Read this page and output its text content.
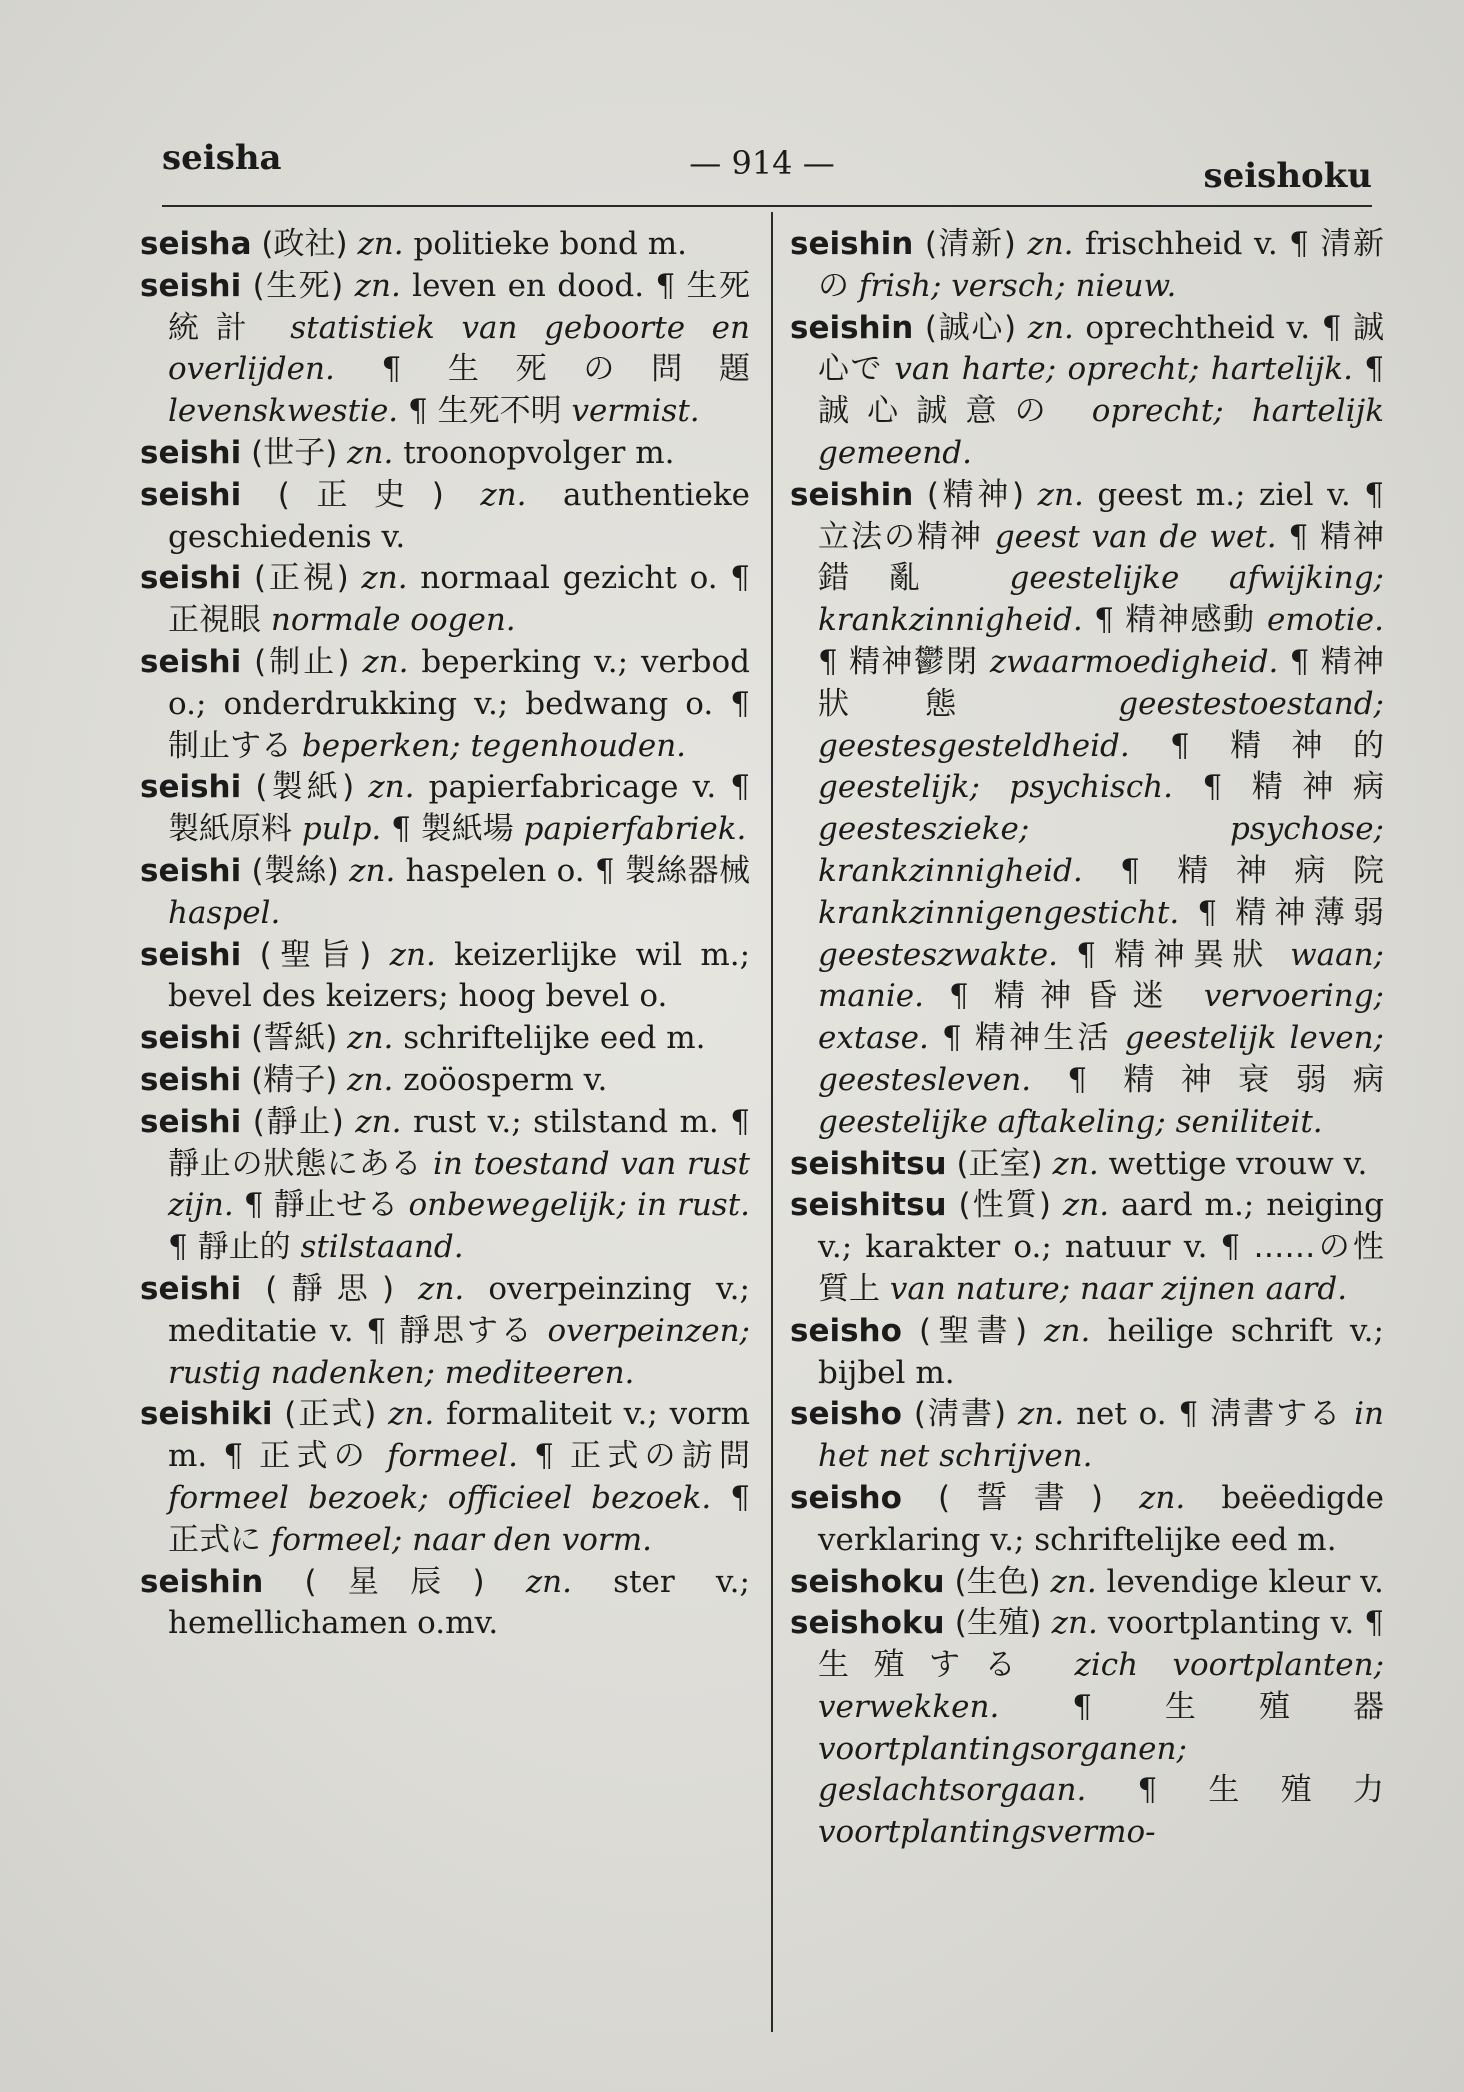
seisha	— 914 —	seishoku
seisha (政社) zn. politieke bond m.
seishi (生死) zn. leven en dood. ¶ 生死統計 statistiek van geboorte en overlijden. ¶	生死の問題 levenskwestie. ¶ 生死不明 vermist.
seishi (世子) zn. troonopvolger m.
seishi (正史) zn. authentieke geschiedenis v.
seishi (正視) zn. normaal gezicht o.¶ 正視眼 normale oogen.
seishi (制止) zn. beperking v.; verbod o.; onderdrukking v.; bedwang o.¶ 制止する beperken; tegenhouden.
seishi (製紙) zn. papierfabricage v.¶ 製紙原料 pulp. ¶ 製紙場 papierfabriek.
seishi (製絲) zn. haspelen o. ¶ 製絲器械 haspel.
seishi (聖旨) zn. keizerlijke wil m.; bevel des keizers; hoog bevel o.
seishi (誓紙) zn. schriftelijke eed m.
seishi (精子) zn. zoöosperm v.
seishi (靜止) zn. rust v.; stilstand m.¶ 靜止の狀態にある in toestand van rust zijn. ¶ 靜止せる onbewegelijk; in rust.¶ 靜止的 stilstaand.
seishi (靜思) zn. overpeinzing v.; meditatie v. ¶ 靜思する overpeinzen; rustig nadenken; mediteeren.
seishiki (正式) zn. formaliteit v.; vorm m. ¶ 正式の formeel. ¶ 正式の訪問 formeel bezoek; officieel bezoek.¶ 正式に formeel; naar den vorm.
seishin (星辰) zn. ster v.; hemellichamen o.mv.
seishin (清新) zn. frischheid v. ¶ 清新の frish; versch; nieuw.
seishin (誠心) zn. oprechtheid v.¶ 誠心で van harte; oprecht; hartelijk.¶ 誠心誠意の oprecht; hartelijk gemeend.
seishin (精神) zn. geest m.; ziel v.¶ 立法の精神 geest van de wet.¶ 精神錯亂 geestelijke afwijking; krankzinnigheid. ¶ 精神感動 emotie.¶ 精神鬱閉 zwaarmoedigheid. ¶ 精神狀態	geestestoestand; geestesgesteldheid. ¶	精神的 geestelijk; psychisch. ¶	精神病 geesteszieke; psychose; krankzinnigheid. ¶	精神病院 krankzinnigengesticht. ¶ 精神薄弱 geesteszwakte. ¶ 精神異狀 waan; manie. ¶ 精神昏迷 vervoering; extase. ¶ 精神生活 geestelijk leven; geestesleven. ¶	精神衰弱病 geestelijke aftakeling; seniliteit.
seishitsu (正室) zn. wettige vrouw v.
seishitsu (性質) zn. aard m.; neiging v.; karakter o.; natuur v.¶ ……の性質上 van nature; naar zijnen aard.
seisho (聖書) zn. heilige schrift v.; bijbel m.
seisho (淸書) zn. net o. ¶ 淸書する in het net schrijven.
seisho (誓書) zn. beëedigde verklaring v.; schriftelijke eed m.
seishoku (生色) zn. levendige kleur v.
seishoku (生殖) zn. voortplanting v.¶ 生殖する zich voortplanten; verwekken. ¶	生殖器 voortplantingsorganen; geslachtsorgaan. ¶	生殖力 voortplantingsvermo-
